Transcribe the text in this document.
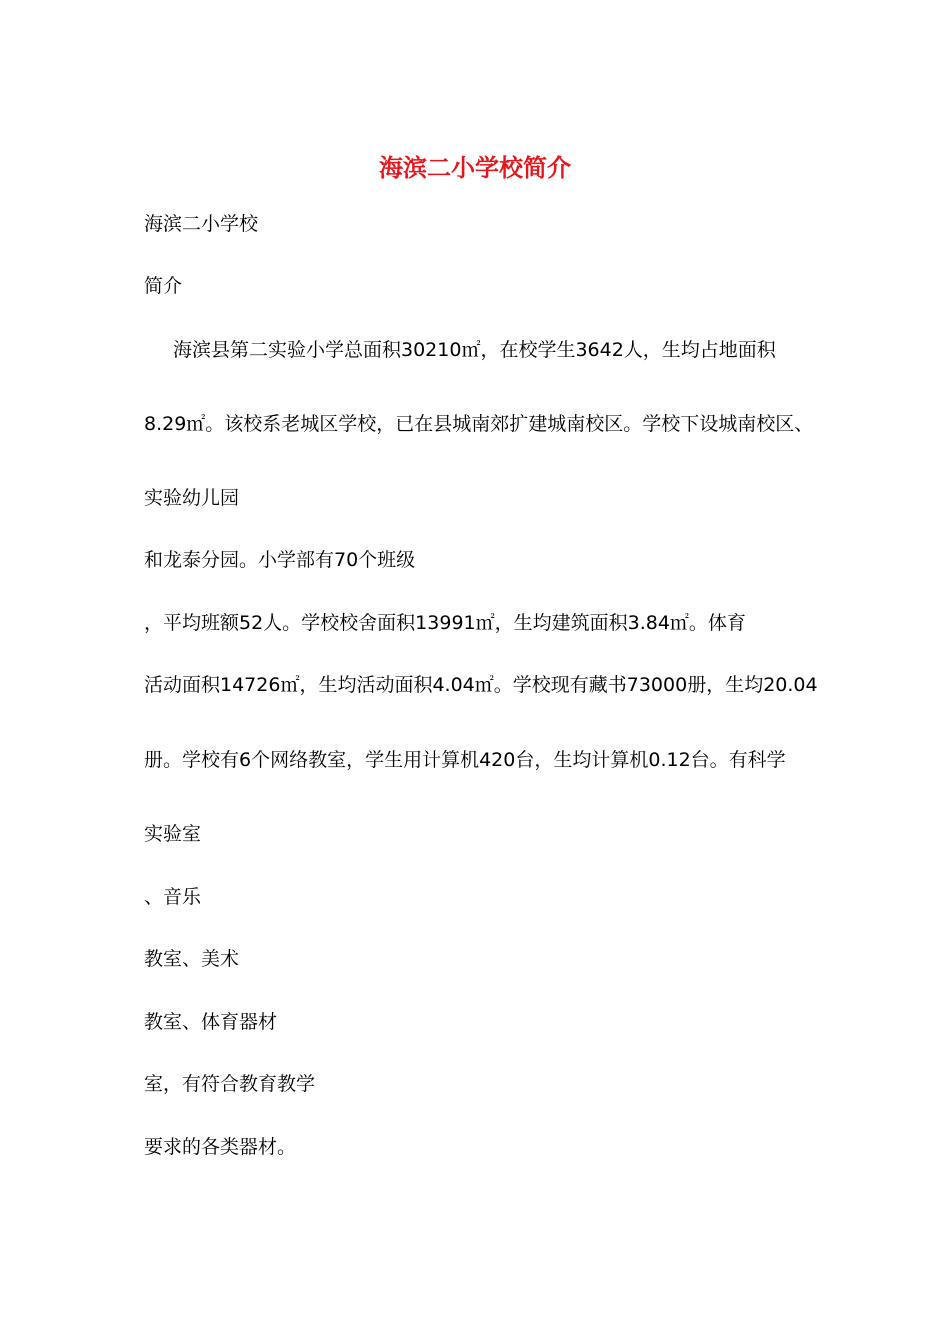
海滨二小学校简介

海滨二小学校

简介

海滨县第二实验小学总面积30210㎡，在校学生3642人，生均占地面积

8.29㎡。该校系老城区学校，已在县城南郊扩建城南校区。学校下设城南校区、

实验幼儿园

和龙泰分园。小学部有70个班级

，平均班额52人。学校校舍面积13991㎡，生均建筑面积3.84㎡。体育

活动面积14726㎡，生均活动面积4.04㎡。学校现有藏书73000册，生均20.04

册。学校有6个网络教室，学生用计算机420台，生均计算机0.12台。有科学

实验室

、音乐

教室、美术

教室、体育器材

室，有符合教育教学

要求的各类器材。
